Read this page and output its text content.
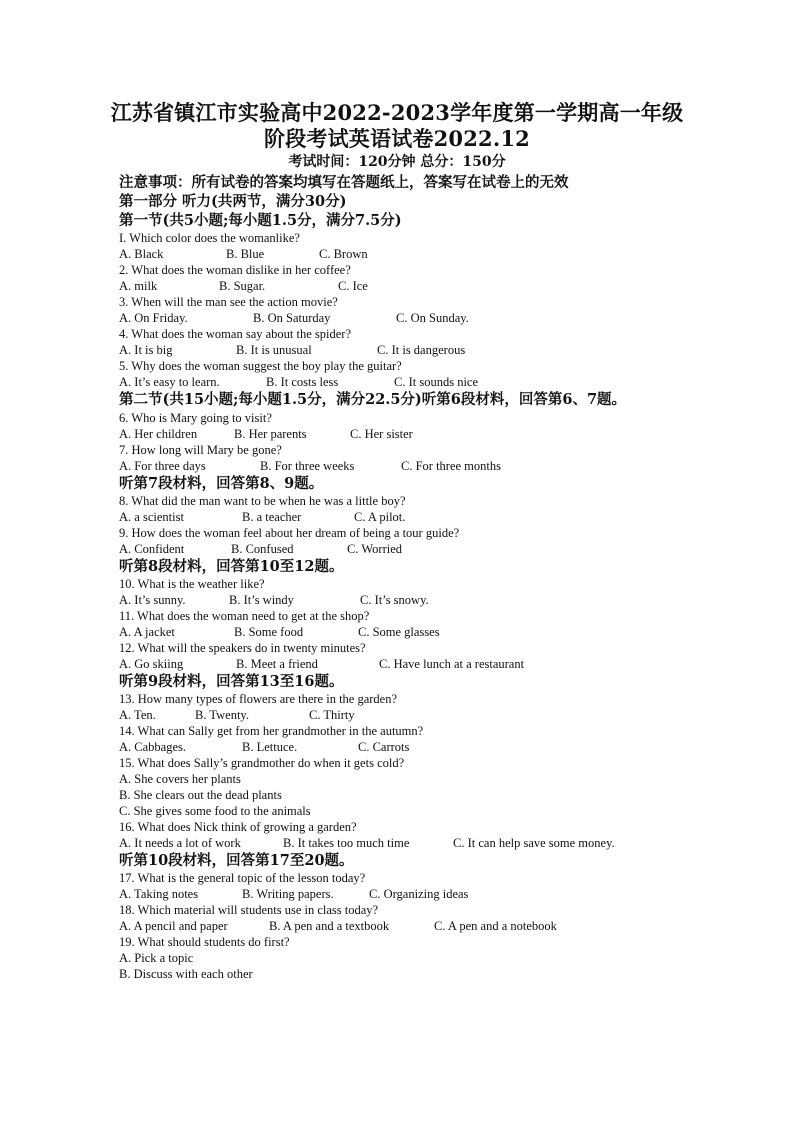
江苏省镇江市实验高中2022-2023学年度第一学期高一年级
阶段考试英语试卷2022.12
考试时间：120分钟 总分：150分

注意事项：所有试卷的答案均填写在答题纸上，答案写在试卷上的无效

第一部分 听力(共两节，满分30分)

第一节(共5小题;每小题1.5分，满分7.5分)

I. Which color does the womanlike?

A. Black	B. Blue	C. Brown

2. What does the woman dislike in her coffee?

A. milk	B. Sugar.	C. Ice

3. When will the man see the action movie?

A. On Friday.	B. On Saturday	C. On Sunday.

4. What does the woman say about the spider?

A. It is big	B. It is unusual	C. It is dangerous

5. Why does the woman suggest the boy play the guitar?

A. It’s easy to learn.	B. It costs less	C. It sounds nice

第二节(共15小题;每小题1.5分，满分22.5分)听第6段材料，回答第6、7题。

6. Who is Mary going to visit?

A. Her children	B. Her parents	C. Her sister

7. How long will Mary be gone?

A. For three days	B. For three weeks	C. For three months

听第7段材料，回答第8、9题。

8. What did the man want to be when he was a little boy?

A. a scientist	B. a teacher	C. A pilot.

9. How does the woman feel about her dream of being a tour guide?

A. Confident	B. Confused	C. Worried

听第8段材料，回答第10至12题。

10. What is the weather like?

A. It’s sunny.	B. It’s windy	C. It’s snowy.

11. What does the woman need to get at the shop?

A. A jacket	B. Some food	C. Some glasses

12. What will the speakers do in twenty minutes?

A. Go skiing	B. Meet a friend	C. Have lunch at a restaurant

听第9段材料，回答第13至16题。

13. How many types of flowers are there in the garden?

A. Ten.	B. Twenty.	C. Thirty

14. What can Sally get from her grandmother in the autumn?

A. Cabbages.	B. Lettuce.	C. Carrots

15. What does Sally’s grandmother do when it gets cold?

A. She covers her plants

B. She clears out the dead plants

C. She gives some food to the animals

16. What does Nick think of growing a garden?

A. It needs a lot of work	B. It takes too much time	C. It can help save some money.

听第10段材料，回答第17至20题。

17. What is the general topic of the lesson today?

A. Taking notes	B. Writing papers.	C. Organizing ideas

18. Which material will students use in class today?

A. A pencil and paper	B. A pen and a textbook	C. A pen and a notebook

19. What should students do first?

A. Pick a topic

B. Discuss with each other
